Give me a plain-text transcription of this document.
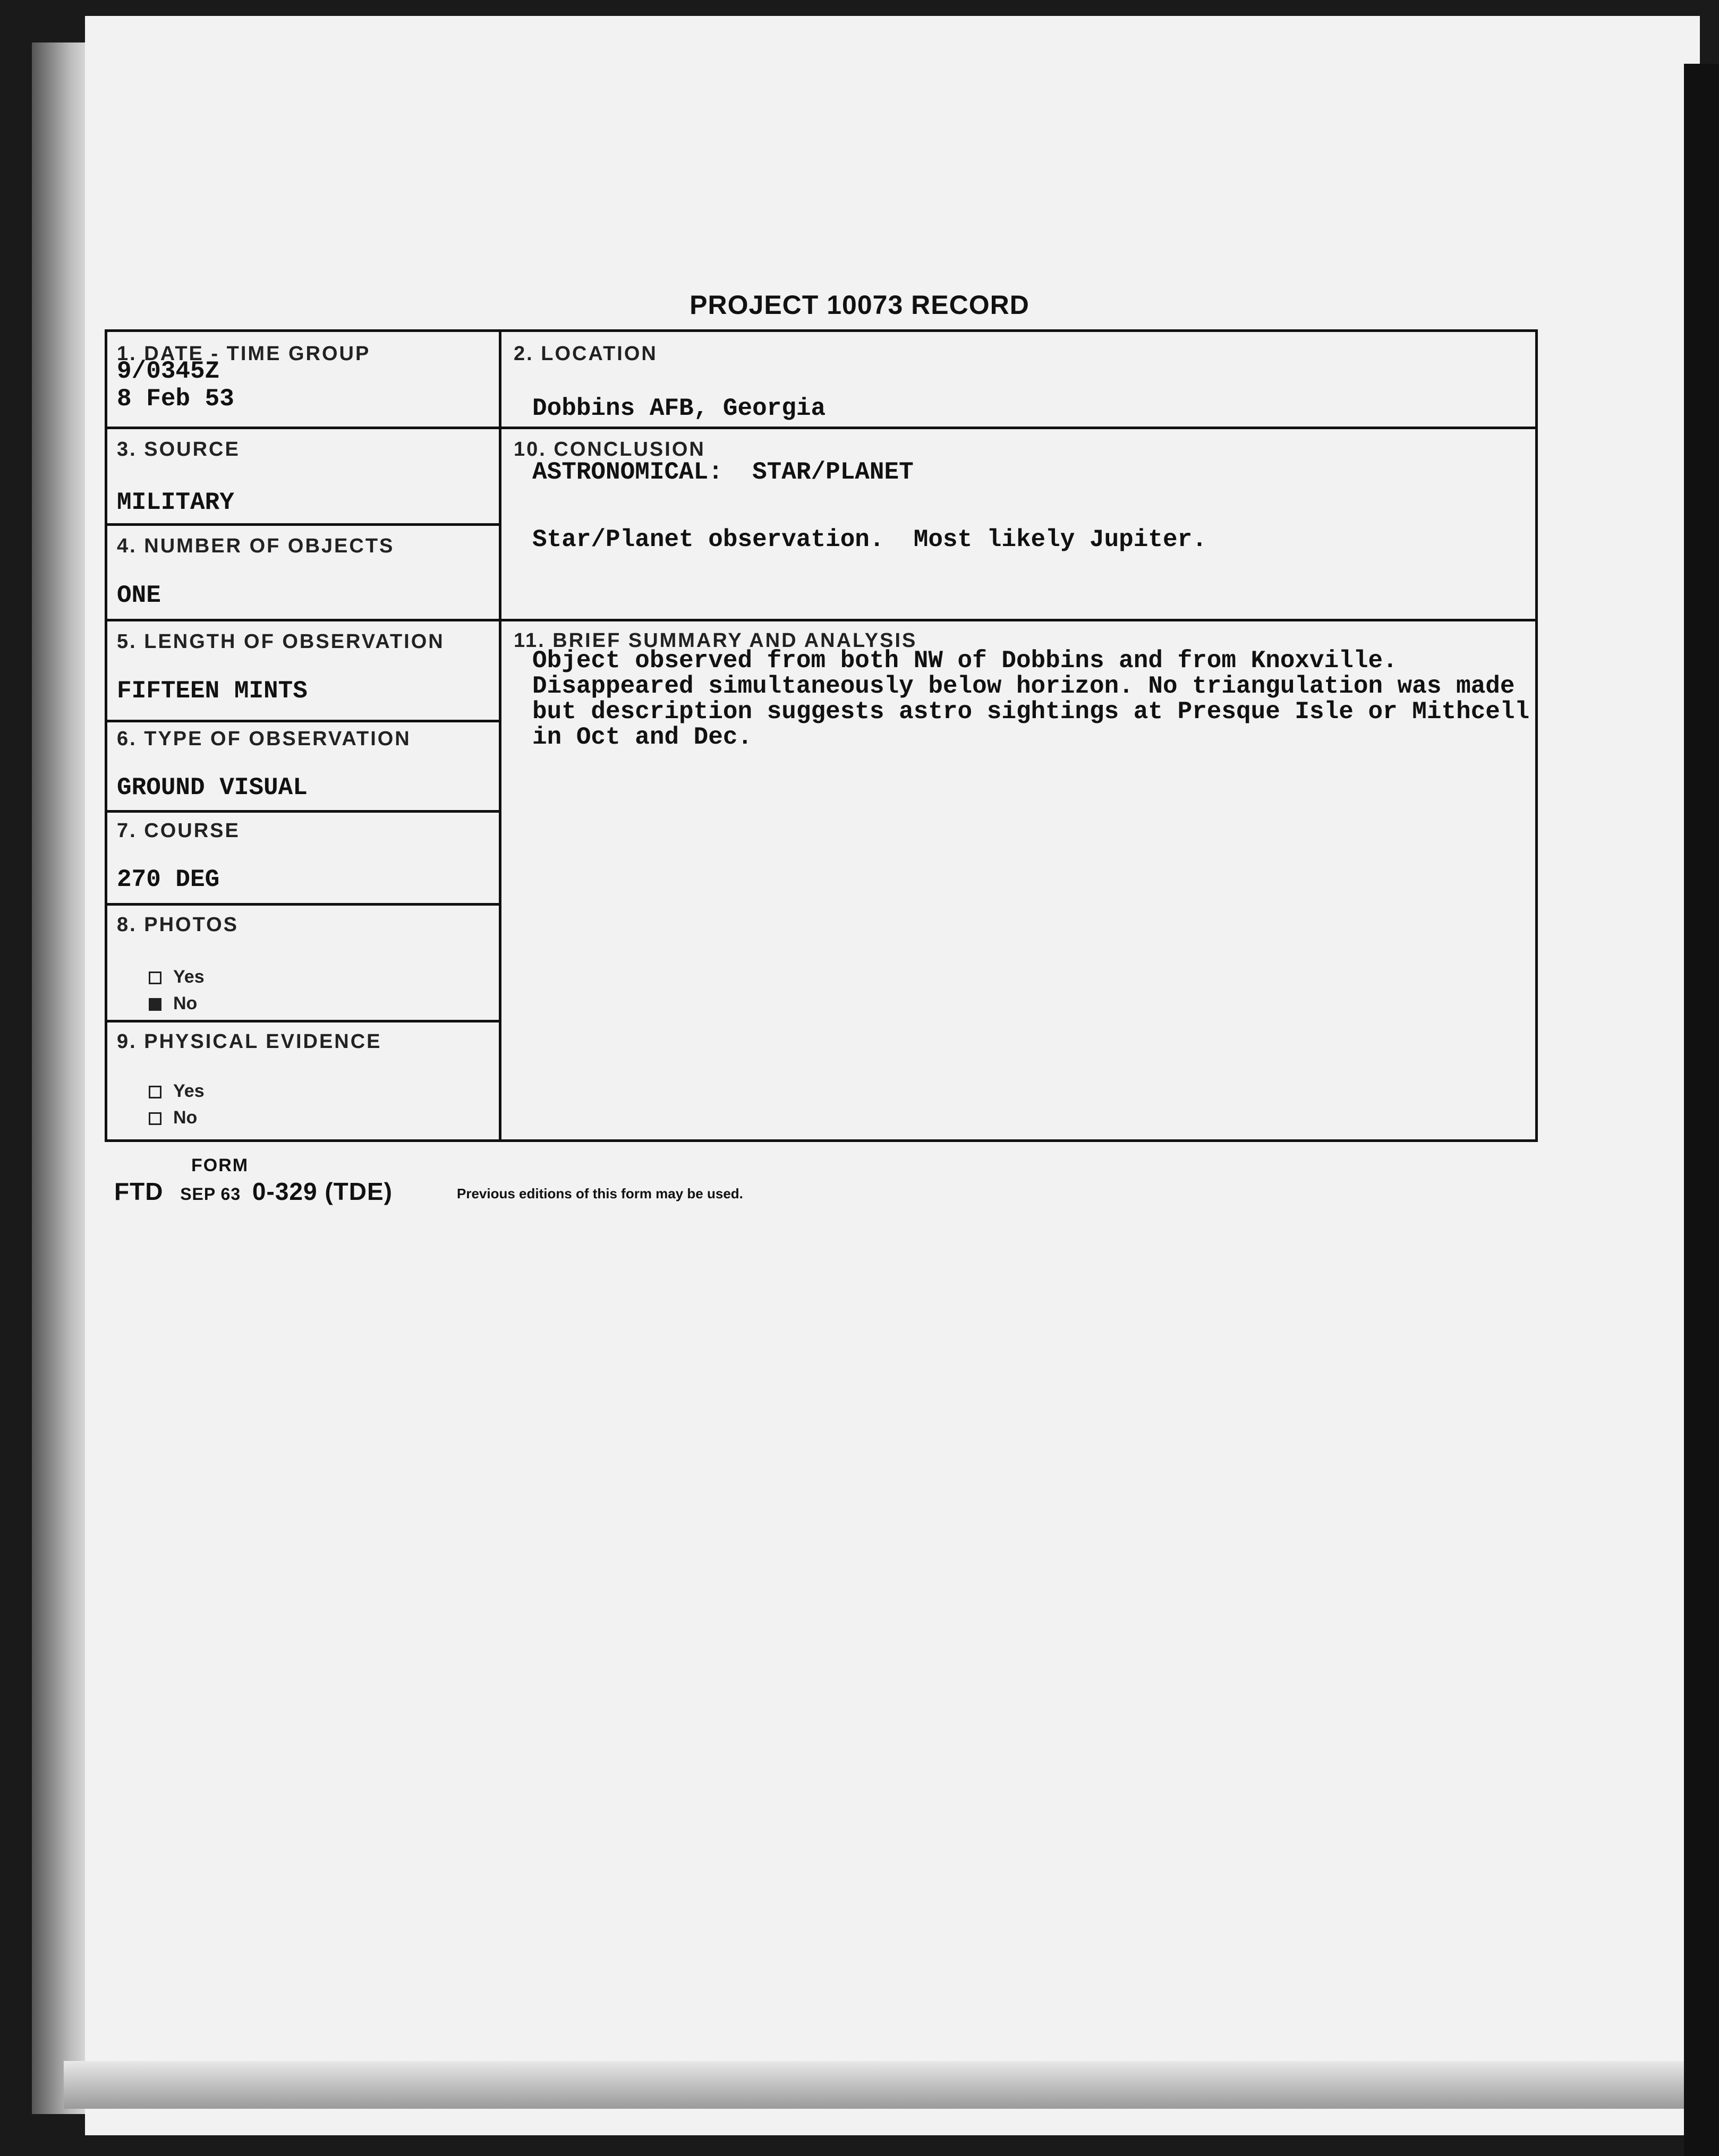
PROJECT 10073 RECORD
1. DATE - TIME GROUP
9/0345Z
8 Feb 53
2. LOCATION
Dobbins AFB, Georgia
3. SOURCE
MILITARY
4. NUMBER OF OBJECTS
ONE
10. CONCLUSION
ASTRONOMICAL:  STAR/PLANET
Star/Planet observation.  Most likely Jupiter.
5. LENGTH OF OBSERVATION
FIFTEEN MINTS
6. TYPE OF OBSERVATION
GROUND VISUAL
7. COURSE
270 DEG
8. PHOTOS
Yes
No
9. PHYSICAL EVIDENCE
Yes
No
11. BRIEF SUMMARY AND ANALYSIS
Object observed from both NW of Dobbins and from Knoxville. Disappeared simultaneously below horizon. No triangulation was made but description suggests astro sightings at Presque Isle or Mithcell in Oct and Dec.
FORM
FTD SEP 63 0-329 (TDE)	Previous editions of this form may be used.
